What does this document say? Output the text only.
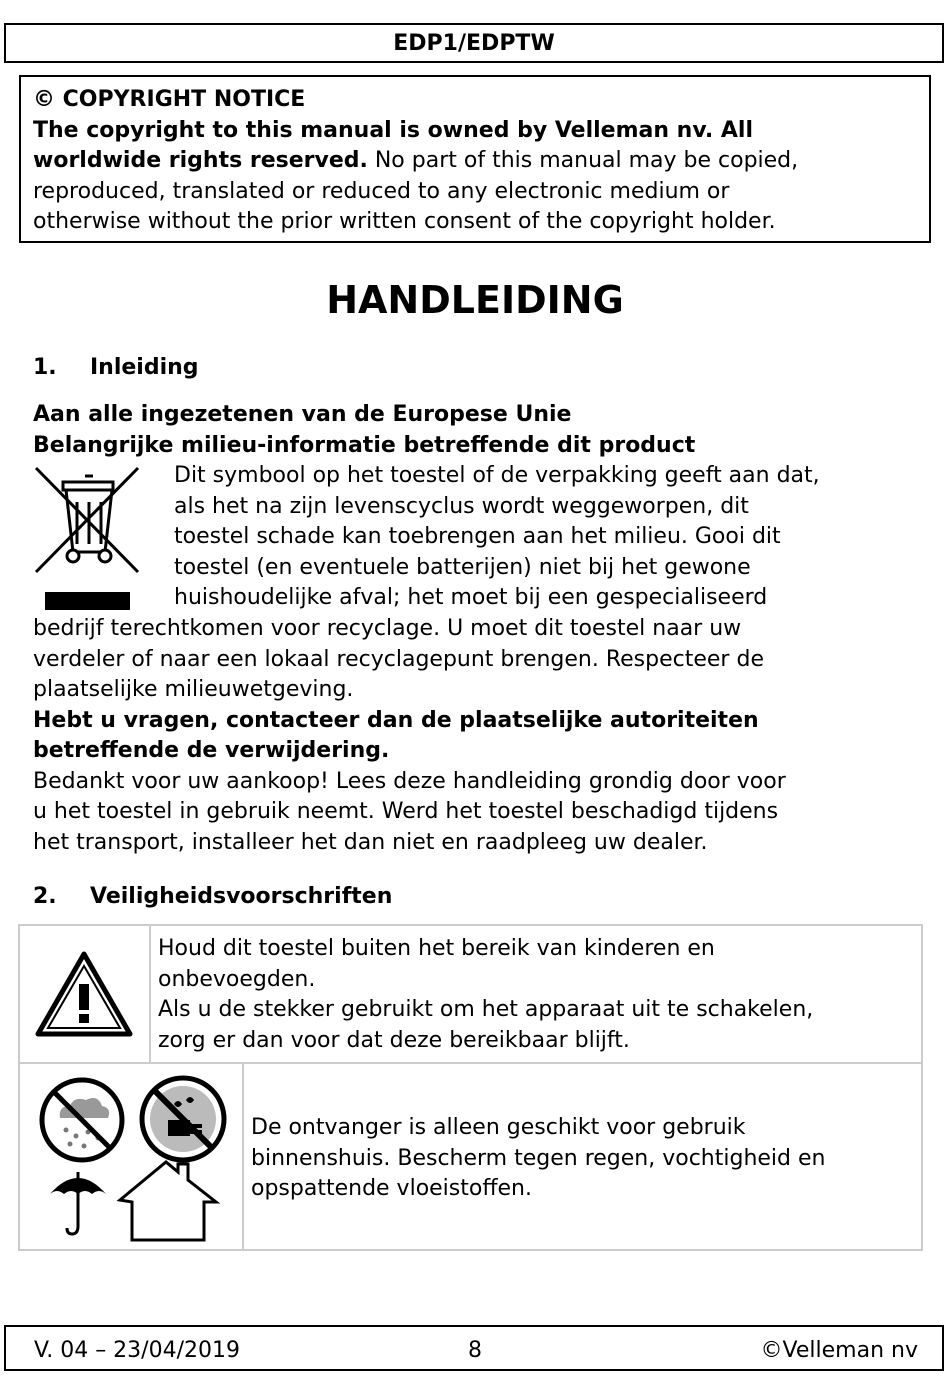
EDP1/EDPTW
© COPYRIGHT NOTICE
The copyright to this manual is owned by Velleman nv. All
worldwide rights reserved. No part of this manual may be copied,
reproduced, translated or reduced to any electronic medium or
otherwise without the prior written consent of the copyright holder.
HANDLEIDING
1. Inleiding
Aan alle ingezetenen van de Europese Unie
Belangrijke milieu-informatie betreffende dit product
Dit symbool op het toestel of de verpakking geeft aan dat,
als het na zijn levenscyclus wordt weggeworpen, dit
toestel schade kan toebrengen aan het milieu. Gooi dit
toestel (en eventuele batterijen) niet bij het gewone
huishoudelijke afval; het moet bij een gespecialiseerd
bedrijf terechtkomen voor recyclage. U moet dit toestel naar uw
verdeler of naar een lokaal recyclagepunt brengen. Respecteer de
plaatselijke milieuwetgeving.
Hebt u vragen, contacteer dan de plaatselijke autoriteiten
betreffende de verwijdering.
Bedankt voor uw aankoop! Lees deze handleiding grondig door voor
u het toestel in gebruik neemt. Werd het toestel beschadigd tijdens
het transport, installeer het dan niet en raadpleeg uw dealer.
2. Veiligheidsvoorschriften
Houd dit toestel buiten het bereik van kinderen en
onbevoegden.
Als u de stekker gebruikt om het apparaat uit te schakelen,
zorg er dan voor dat deze bereikbaar blijft.
De ontvanger is alleen geschikt voor gebruik
binnenshuis. Bescherm tegen regen, vochtigheid en
opspattende vloeistoffen.
V. 04 – 23/04/2019	8	©Velleman nv
